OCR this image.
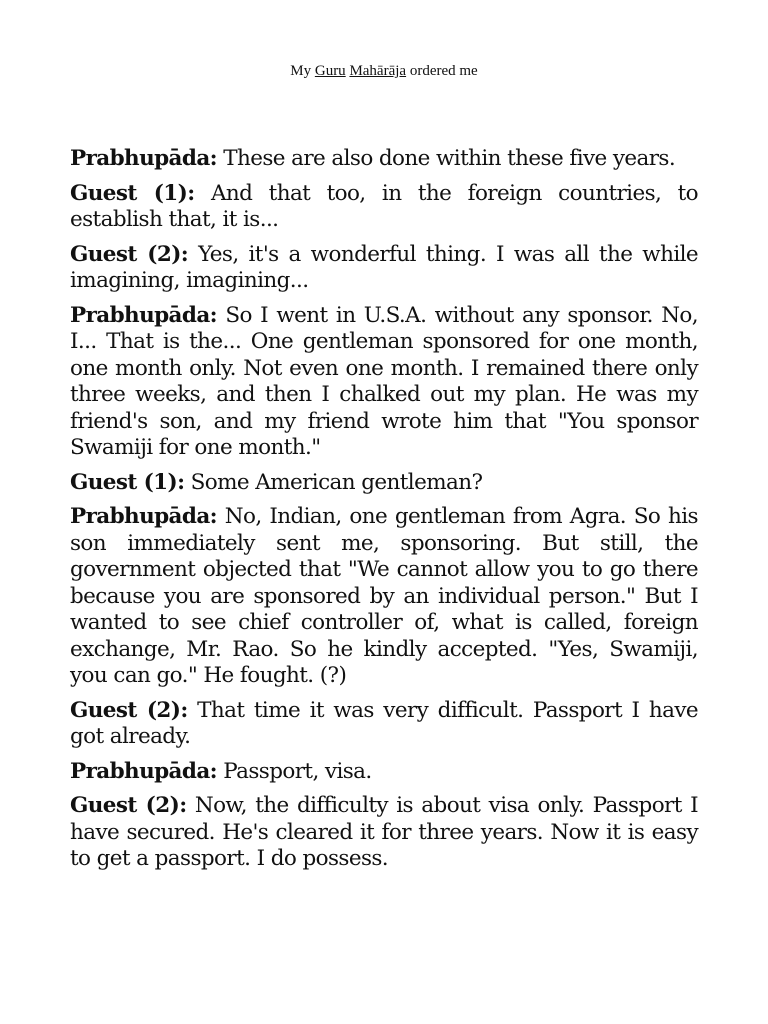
My Guru Mahārāja ordered me

Prabhupāda: These are also done within these five years.

Guest (1): And that too, in the foreign countries, to establish that, it is...

Guest (2): Yes, it's a wonderful thing. I was all the while imagining, imagining...

Prabhupāda: So I went in U.S.A. without any sponsor. No, I... That is the... One gentleman sponsored for one month, one month only. Not even one month. I remained there only three weeks, and then I chalked out my plan. He was my friend's son, and my friend wrote him that "You sponsor Swamiji for one month."

Guest (1): Some American gentleman?

Prabhupāda: No, Indian, one gentleman from Agra. So his son immediately sent me, sponsoring. But still, the government objected that "We cannot allow you to go there because you are sponsored by an individual person." But I wanted to see chief controller of, what is called, foreign exchange, Mr. Rao. So he kindly accepted. "Yes, Swamiji, you can go." He fought. (?)

Guest (2): That time it was very difficult. Passport I have got already.

Prabhupāda: Passport, visa.

Guest (2): Now, the difficulty is about visa only. Passport I have secured. He's cleared it for three years. Now it is easy to get a passport. I do possess.
